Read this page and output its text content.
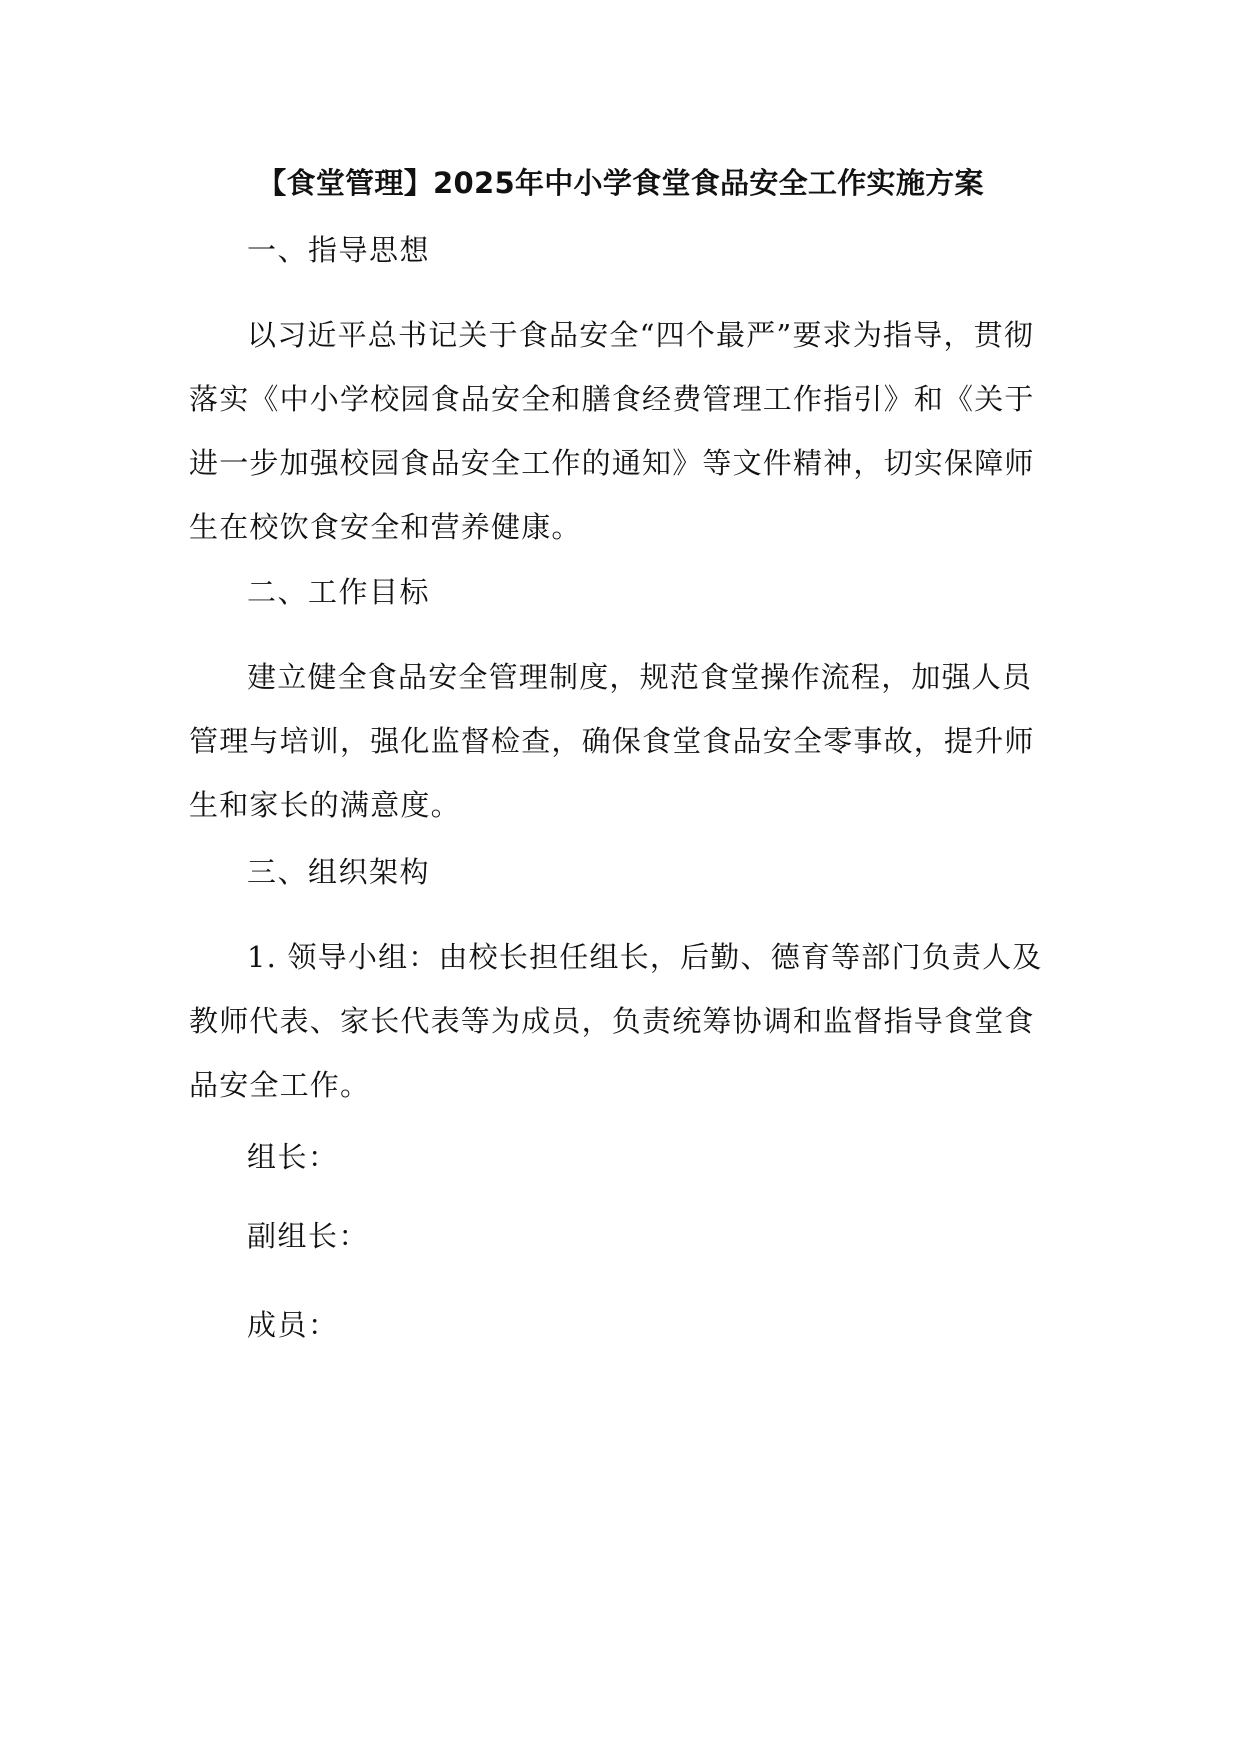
【食堂管理】2025年中小学食堂食品安全工作实施方案

一、指导思想

以习近平总书记关于食品安全“四个最严”要求为指导，贯彻落实《中小学校园食品安全和膳食经费管理工作指引》和《关于进一步加强校园食品安全工作的通知》等文件精神，切实保障师生在校饮食安全和营养健康。

二、工作目标

建立健全食品安全管理制度，规范食堂操作流程，加强人员管理与培训，强化监督检查，确保食堂食品安全零事故，提升师生和家长的满意度。

三、组织架构

1. 领导小组：由校长担任组长，后勤、德育等部门负责人及教师代表、家长代表等为成员，负责统筹协调和监督指导食堂食品安全工作。

组长：

副组长：

成员：
